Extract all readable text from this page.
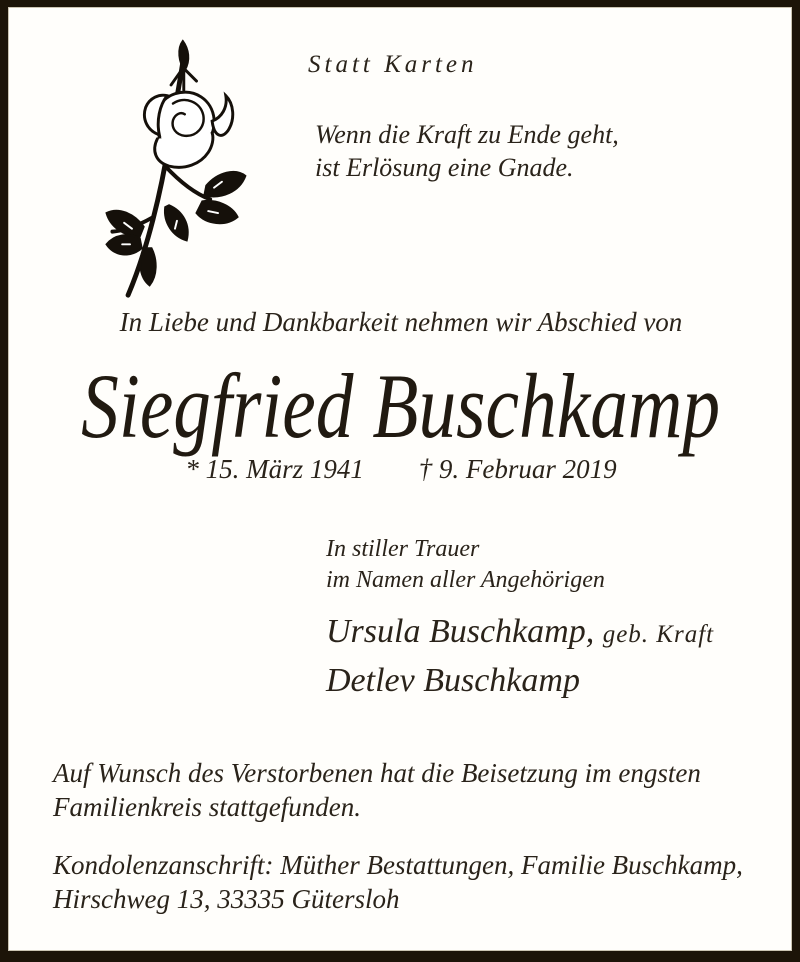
Statt Karten
Wenn die Kraft zu Ende geht,
ist Erlösung eine Gnade.
In Liebe und Dankbarkeit nehmen wir Abschied von
Siegfried Buschkamp
* 15. März 1941 † 9. Februar 2019
In stiller Trauer
im Namen aller Angehörigen
Ursula Buschkamp, geb. Kraft
Detlev Buschkamp
Auf Wunsch des Verstorbenen hat die Beisetzung im engsten
Familienkreis stattgefunden.
Kondolenzanschrift: Müther Bestattungen, Familie Buschkamp,
Hirschweg 13, 33335 Gütersloh
